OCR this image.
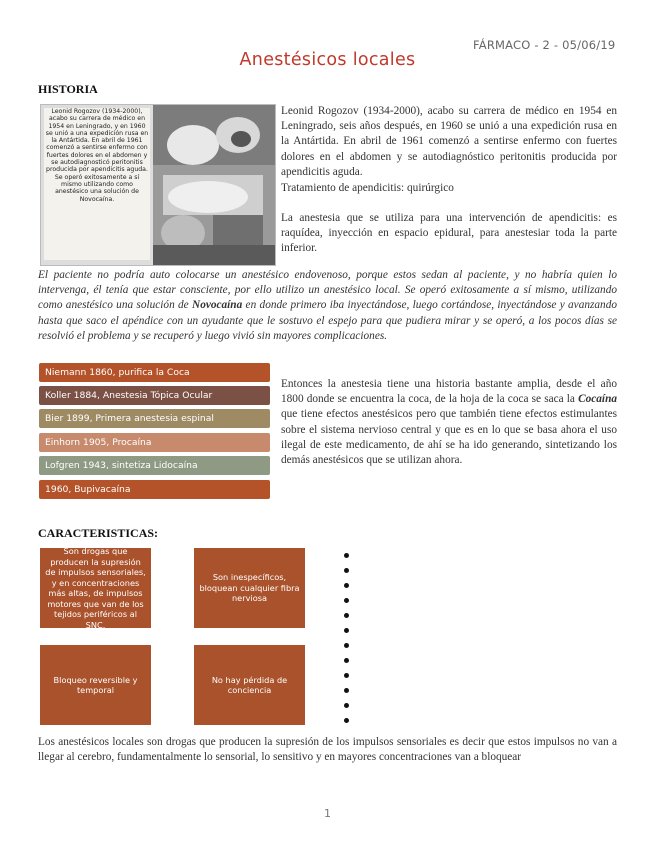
FÁRMACO - 2 - 05/06/19
Anestésicos locales
HISTORIA
Leonid Rogozov (1934-2000), acabo su carrera de médico en 1954 en Leningrado, y en 1960 se unió a una expedición rusa en la Antártida. En abril de 1961 comenzó a sentirse enfermo con fuertes dolores en el abdomen y se autodiagnosticó peritonitis producida por apendicitis aguda. Se operó exitosamente a sí mismo utilizando como anestésico una solución de Novocaína.
Leonid Rogozov (1934-2000), acabo su carrera de médico en 1954 en Leningrado, seis años después, en 1960 se unió a una expedición rusa en la Antártida. En abril de 1961 comenzó a sentirse enfermo con fuertes dolores en el abdomen y se autodiagnóstico peritonitis producida por apendicitis aguda.
Tratamiento de apendicitis: quirúrgico
La anestesia que se utiliza para una intervención de apendicitis: es raquídea, inyección en espacio epidural, para anestesiar toda la parte inferior.
El paciente no podría auto colocarse un anestésico endovenoso, porque estos sedan al paciente, y no habría quien lo intervenga, él tenía que estar consciente, por ello utilizo un anestésico local. Se operó exitosamente a sí mismo, utilizando como anestésico una solución de Novocaína en donde primero iba inyectándose, luego cortándose, inyectándose y avanzando hasta que saco el apéndice con un ayudante que le sostuvo el espejo para que pudiera mirar y se operó, a los pocos días se resolvió el problema y se recuperó y luego vivió sin mayores complicaciones.
Niemann 1860, purifica la Coca
Koller 1884, Anestesia Tópica Ocular
Bier 1899, Primera anestesia espinal
Einhorn 1905, Procaína
Lofgren 1943, sintetiza Lidocaína
1960, Bupivacaína
Entonces la anestesia tiene una historia bastante amplia, desde el año 1800 donde se encuentra la coca, de la hoja de la coca se saca la Cocaína que tiene efectos anestésicos pero que también tiene efectos estimulantes sobre el sistema nervioso central y que es en lo que se basa ahora el uso ilegal de este medicamento, de ahí se ha ido generando, sintetizando los demás anestésicos que se utilizan ahora.
CARACTERISTICAS:
Son drogas que producen la supresión de impulsos sensoriales, y en concentraciones más altas, de impulsos motores que van de los tejidos periféricos al SNC.
Son inespecíficos, bloquean cualquier fibra nerviosa
Bloqueo reversible y temporal
No hay pérdida de conciencia
Los anestésicos locales son drogas que producen la supresión de los impulsos sensoriales es decir que estos impulsos no van a llegar al cerebro, fundamentalmente lo sensorial, lo sensitivo y en mayores concentraciones van a bloquear
1
